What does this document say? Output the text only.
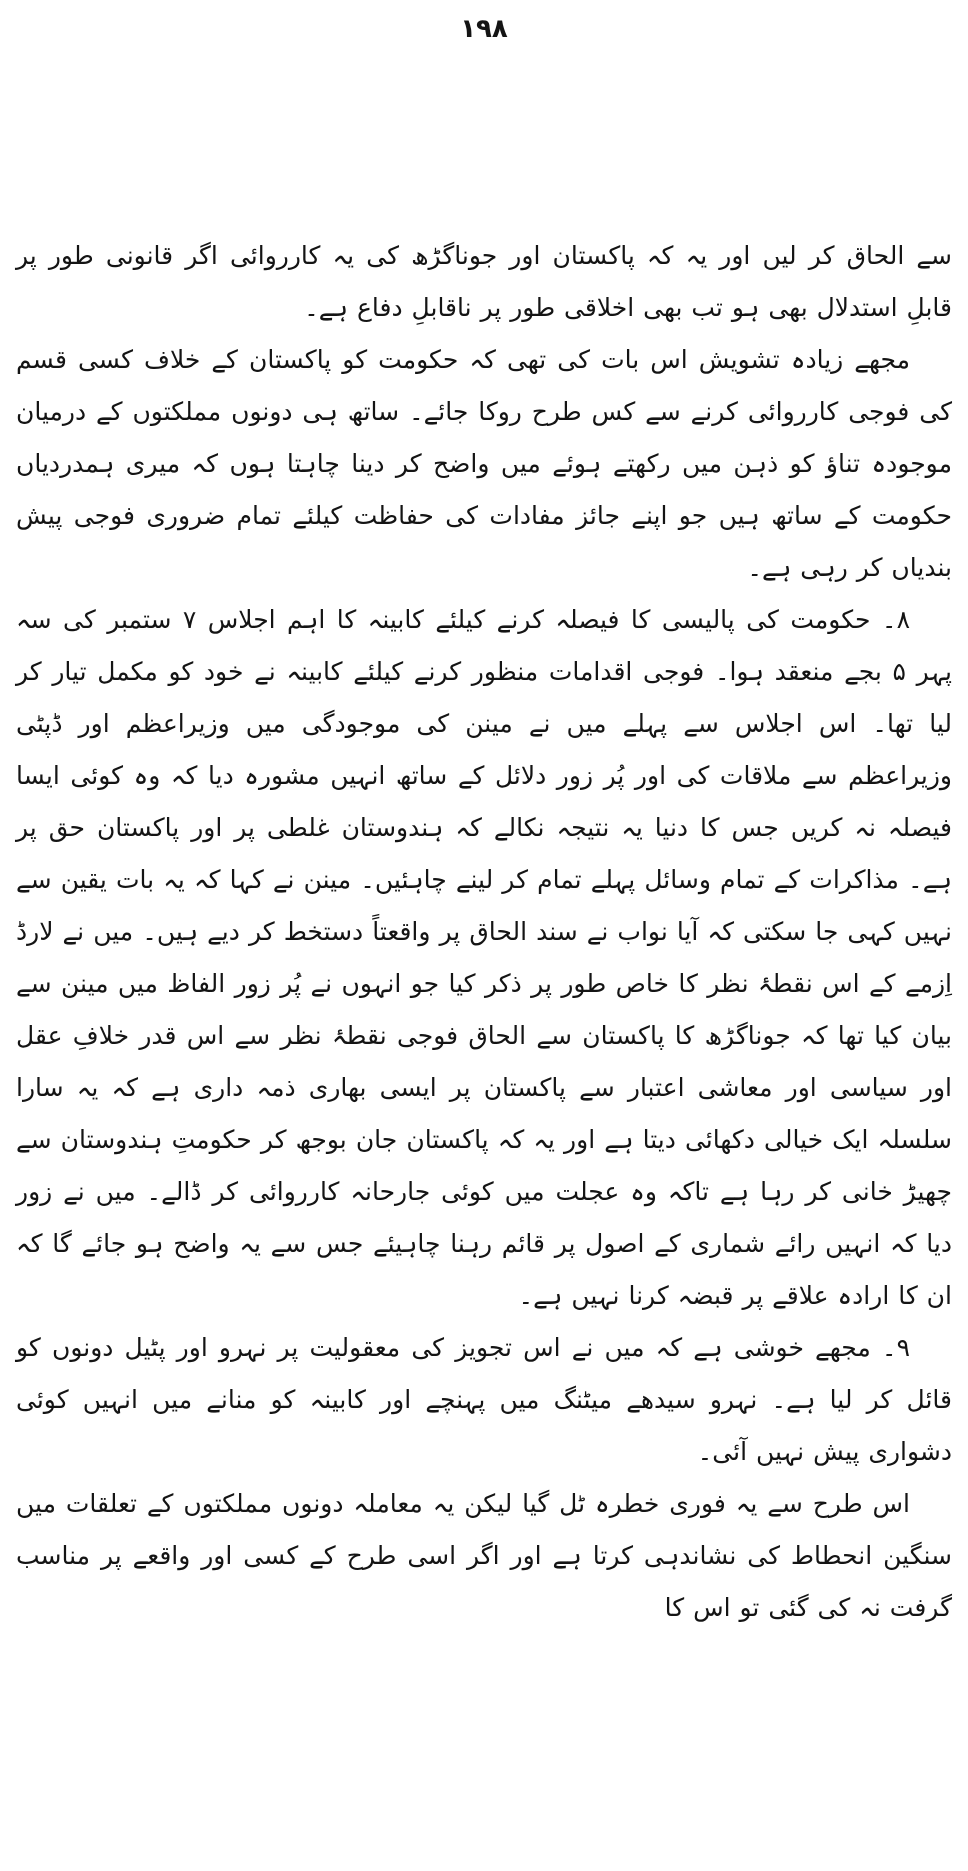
۱۹۸

سے الحاق کر لیں اور یہ کہ پاکستان اور جوناگڑھ کی یہ کارروائی اگر قانونی طور پر قابلِ استدلال بھی ہو تب بھی اخلاقی طور پر ناقابلِ دفاع ہے۔

مجھے زیادہ تشویش اس بات کی تھی کہ حکومت کو پاکستان کے خلاف کسی قسم کی فوجی کارروائی کرنے سے کس طرح روکا جائے۔ ساتھ ہی دونوں مملکتوں کے درمیان موجودہ تناؤ کو ذہن میں رکھتے ہوئے میں واضح کر دینا چاہتا ہوں کہ میری ہمدردیاں حکومت کے ساتھ ہیں جو اپنے جائز مفادات کی حفاظت کیلئے تمام ضروری فوجی پیش بندیاں کر رہی ہے۔

۸۔ حکومت کی پالیسی کا فیصلہ کرنے کیلئے کابینہ کا اہم اجلاس ۷ ستمبر کی سہ پہر ۵ بجے منعقد ہوا۔ فوجی اقدامات منظور کرنے کیلئے کابینہ نے خود کو مکمل تیار کر لیا تھا۔ اس اجلاس سے پہلے میں نے مینن کی موجودگی میں وزیراعظم اور ڈپٹی وزیراعظم سے ملاقات کی اور پُر زور دلائل کے ساتھ انہیں مشورہ دیا کہ وہ کوئی ایسا فیصلہ نہ کریں جس کا دنیا یہ نتیجہ نکالے کہ ہندوستان غلطی پر اور پاکستان حق پر ہے۔ مذاکرات کے تمام وسائل پہلے تمام کر لینے چاہئیں۔ مینن نے کہا کہ یہ بات یقین سے نہیں کہی جا سکتی کہ آیا نواب نے سند الحاق پر واقعتاً دستخط کر دیے ہیں۔ میں نے لارڈ اِزمے کے اس نقطۂ نظر کا خاص طور پر ذکر کیا جو انہوں نے پُر زور الفاظ میں مینن سے بیان کیا تھا کہ جوناگڑھ کا پاکستان سے الحاق فوجی نقطۂ نظر سے اس قدر خلافِ عقل اور سیاسی اور معاشی اعتبار سے پاکستان پر ایسی بھاری ذمہ داری ہے کہ یہ سارا سلسلہ ایک خیالی دکھائی دیتا ہے اور یہ کہ پاکستان جان بوجھ کر حکومتِ ہندوستان سے چھیڑ خانی کر رہا ہے تاکہ وہ عجلت میں کوئی جارحانہ کارروائی کر ڈالے۔ میں نے زور دیا کہ انہیں رائے شماری کے اصول پر قائم رہنا چاہیئے جس سے یہ واضح ہو جائے گا کہ ان کا ارادہ علاقے پر قبضہ کرنا نہیں ہے۔

۹۔ مجھے خوشی ہے کہ میں نے اس تجویز کی معقولیت پر نہرو اور پٹیل دونوں کو قائل کر لیا ہے۔ نہرو سیدھے میٹنگ میں پہنچے اور کابینہ کو منانے میں انہیں کوئی دشواری پیش نہیں آئی۔

اس طرح سے یہ فوری خطرہ ٹل گیا لیکن یہ معاملہ دونوں مملکتوں کے تعلقات میں سنگین انحطاط کی نشاندہی کرتا ہے اور اگر اسی طرح کے کسی اور واقعے پر مناسب گرفت نہ کی گئی تو اس کا
